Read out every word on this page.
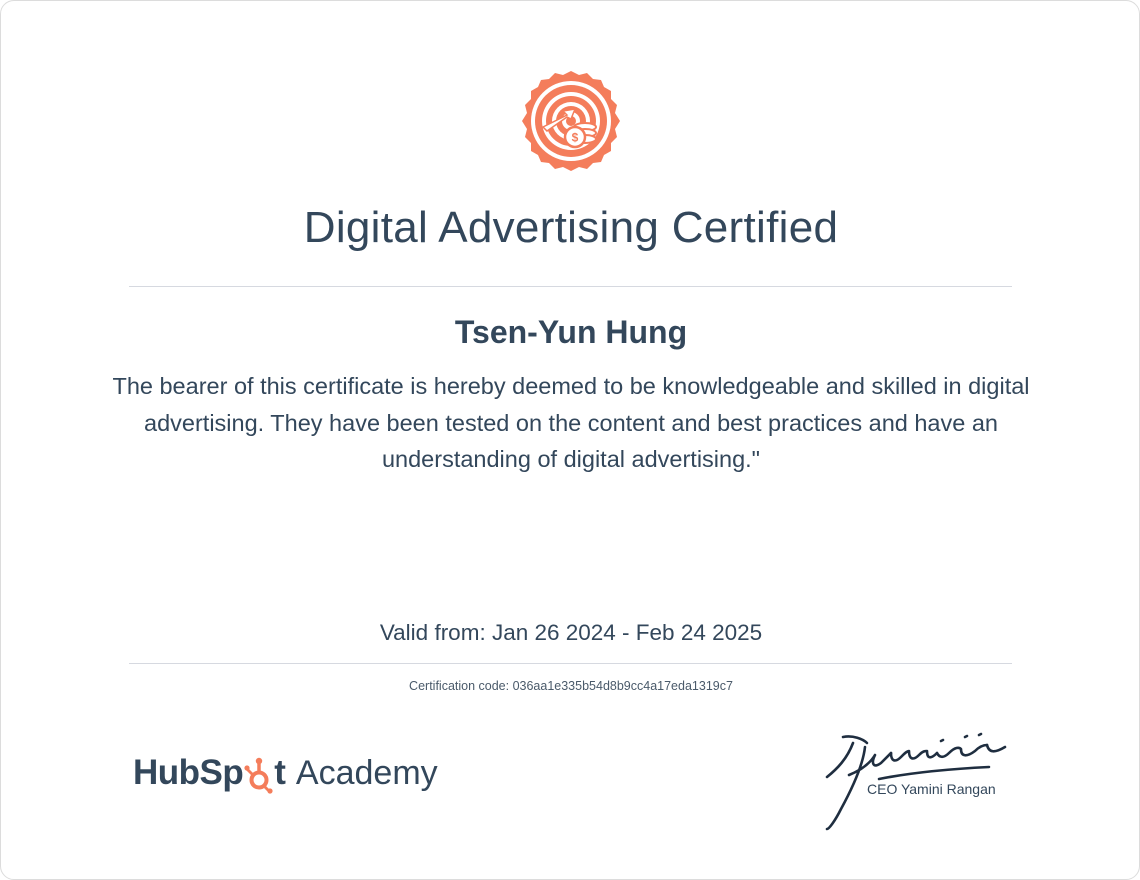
$
Digital Advertising Certified
Tsen-Yun Hung
The bearer of this certificate is hereby deemed to be knowledgeable and skilled in digital advertising. They have been tested on the content and best practices and have an understanding of digital advertising."
Valid from: Jan 26 2024 - Feb 24 2025
Certification code: 036aa1e335b54d8b9cc4a17eda1319c7
HubSp t Academy	CEO Yamini Rangan
